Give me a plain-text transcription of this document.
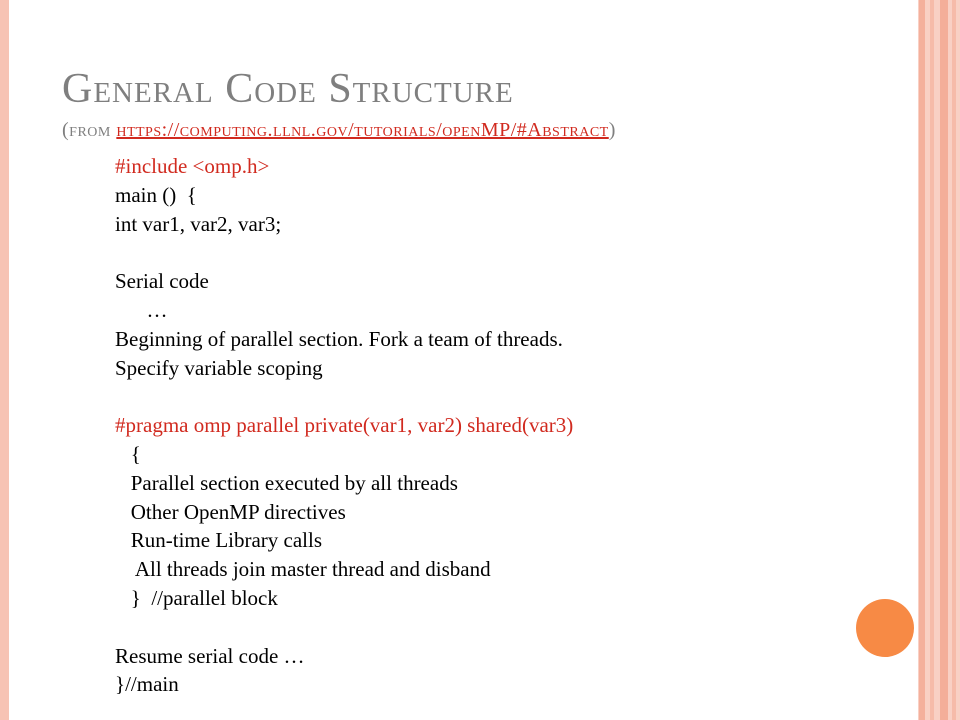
General Code Structure
(from https://computing.llnl.gov/tutorials/openMP/#Abstract)
#include <omp.h>
main ()  {
int var1, var2, var3;
Serial code
…
Beginning of parallel section. Fork a team of threads.
Specify variable scoping
#pragma omp parallel private(var1, var2) shared(var3)
{
Parallel section executed by all threads
Other OpenMP directives
Run-time Library calls
All threads join master thread and disband
}  //parallel block
Resume serial code …
}//main
